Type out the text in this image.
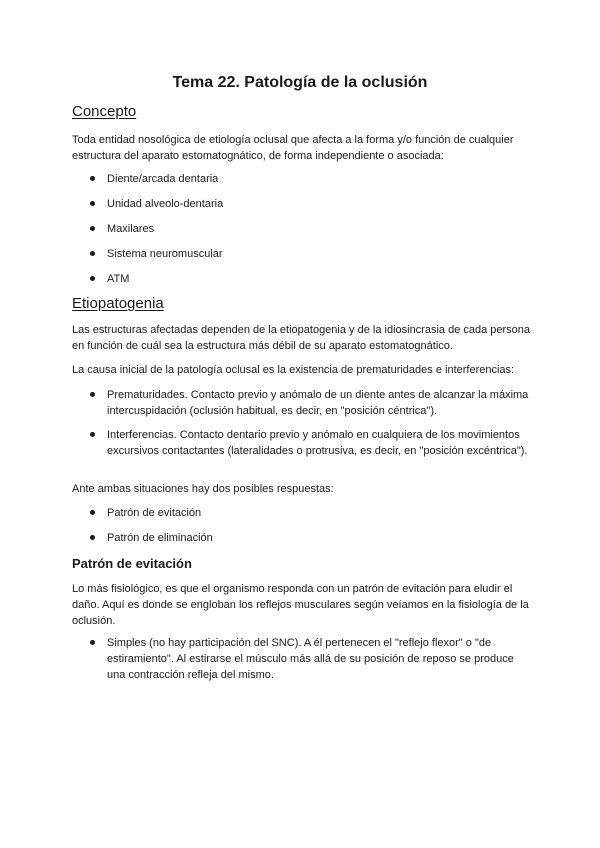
Tema 22. Patología de la oclusión
Concepto

Toda entidad nosológica de etiología oclusal que afecta a la forma y/o función de cualquier estructura del aparato estomatognático, de forma independiente o asociada:

Diente/arcada dentaria
Unidad alveolo-dentaria
Maxilares
Sistema neuromuscular
ATM
Etiopatogenia

Las estructuras afectadas dependen de la etiopatogenia y de la idiosincrasia de cada persona en función de cuál sea la estructura más débil de su aparato estomatognático.

La causa inicial de la patología oclusal es la existencia de prematuridades e interferencias:

Prematuridades. Contacto previo y anómalo de un diente antes de alcanzar la máxima intercuspidación (oclusión habitual, es decir, en "posición céntrica").
Interferencias. Contacto dentario previo y anómalo en cualquiera de los movimientos excursivos contactantes (lateralidades o protrusiva, es decir, en "posición excéntrica").

Ante ambas situaciones hay dos posibles respuestas:

Patrón de evitación
Patrón de eliminación
Patrón de evitación

Lo más fisiológico, es que el organismo responda con un patrón de evitación para eludir el daño. Aquí es donde se engloban los reflejos musculares según veíamos en la fisiología de la oclusión.

Simples (no hay participación del SNC). A él pertenecen el "reflejo flexor" o "de estiramiento". Al estirarse el músculo más allá de su posición de reposo se produce una contracción refleja del mismo.
